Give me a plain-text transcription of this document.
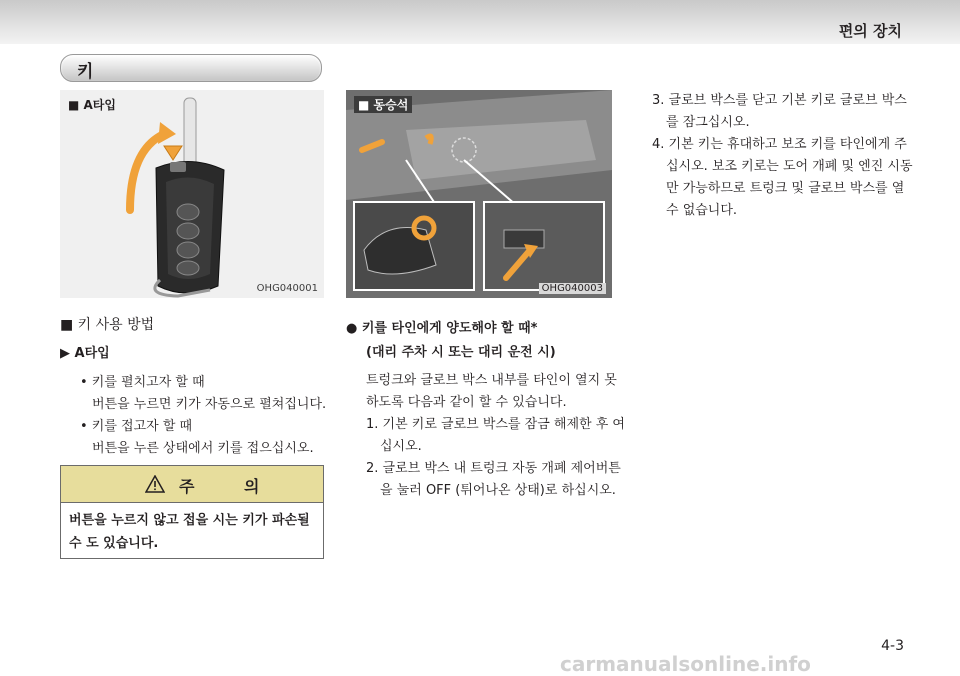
편의 장치
키
■ A타입
OHG040001
■ 동승석
OHG040003
■ 키 사용 방법
▶ A타입
• 키를 펼치고자 할 때
버튼을 누르면 키가 자동으로 펼쳐집니다.
• 키를 접고자 할 때
버튼을 누른 상태에서 키를 접으십시오.
주 의
버튼을 누르지 않고 접을 시는 키가 파손될 수 도 있습니다.
● 키를 타인에게 양도해야 할 때*
(대리 주차 시 또는 대리 운전 시)
트렁크와 글로브 박스 내부를 타인이 열지 못
하도록 다음과 같이 할 수 있습니다.
1. 기본 키로 글로브 박스를 잠금 해제한 후 여
십시오.
2. 글로브 박스 내 트렁크 자동 개폐 제어버튼
을 눌러 OFF (튀어나온 상태)로 하십시오.
3. 글로브 박스를 닫고 기본 키로 글로브 박스
를 잠그십시오.
4. 기본 키는 휴대하고 보조 키를 타인에게 주
십시오. 보조 키로는 도어 개폐 및 엔진 시동
만 가능하므로 트렁크 및 글로브 박스를 열
수 없습니다.
4-3
carmanualsonline.info
